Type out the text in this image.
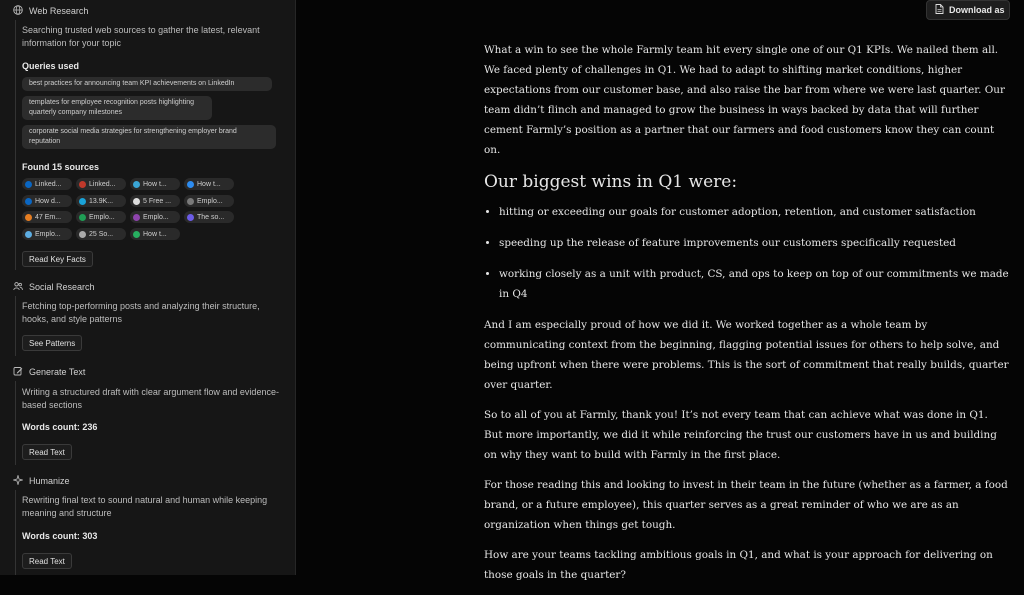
Web Research
Searching trusted web sources to gather the latest, relevant information for your topic
Queries used
best practices for announcing team KPI achievements on LinkedIn
templates for employee recognition posts highlighting quarterly company milestones
corporate social media strategies for strengthening employer brand reputation
Found 15 sources
Linked...	Linked...	How t...	How t...
How d...	13.9K...	5 Free ...	Emplo...
47 Em...	Emplo...	Emplo...	The so...
Emplo...	25 So...	How t...
Read Key Facts
Social Research
Fetching top-performing posts and analyzing their structure, hooks, and style patterns
See Patterns
Generate Text
Writing a structured draft with clear argument flow and evidence-based sections
Words count: 236
Read Text
Humanize
Rewriting final text to sound natural and human while keeping meaning and structure
Words count: 303
Read Text
Download as

What a win to see the whole Farmly team hit every single one of our Q1 KPIs. We nailed them all. We faced plenty of challenges in Q1. We had to adapt to shifting market conditions, higher expectations from our customer base, and also raise the bar from where we were last quarter. Our team didn’t flinch and managed to grow the business in ways backed by data that will further cement Farmly’s position as a partner that our farmers and food customers know they can count on.

Our biggest wins in Q1 were:
• hitting or exceeding our goals for customer adoption, retention, and customer satisfaction
• speeding up the release of feature improvements our customers specifically requested
• working closely as a unit with product, CS, and ops to keep on top of our commitments we made in Q4

And I am especially proud of how we did it. We worked together as a whole team by communicating context from the beginning, flagging potential issues for others to help solve, and being upfront when there were problems. This is the sort of commitment that really builds, quarter over quarter.

So to all of you at Farmly, thank you! It’s not every team that can achieve what was done in Q1. But more importantly, we did it while reinforcing the trust our customers have in us and building on why they want to build with Farmly in the first place.

For those reading this and looking to invest in their team in the future (whether as a farmer, a food brand, or a future employee), this quarter serves as a great reminder of who we are as an organization when things get tough.

How are your teams tackling ambitious goals in Q1, and what is your approach for delivering on those goals in the quarter?
